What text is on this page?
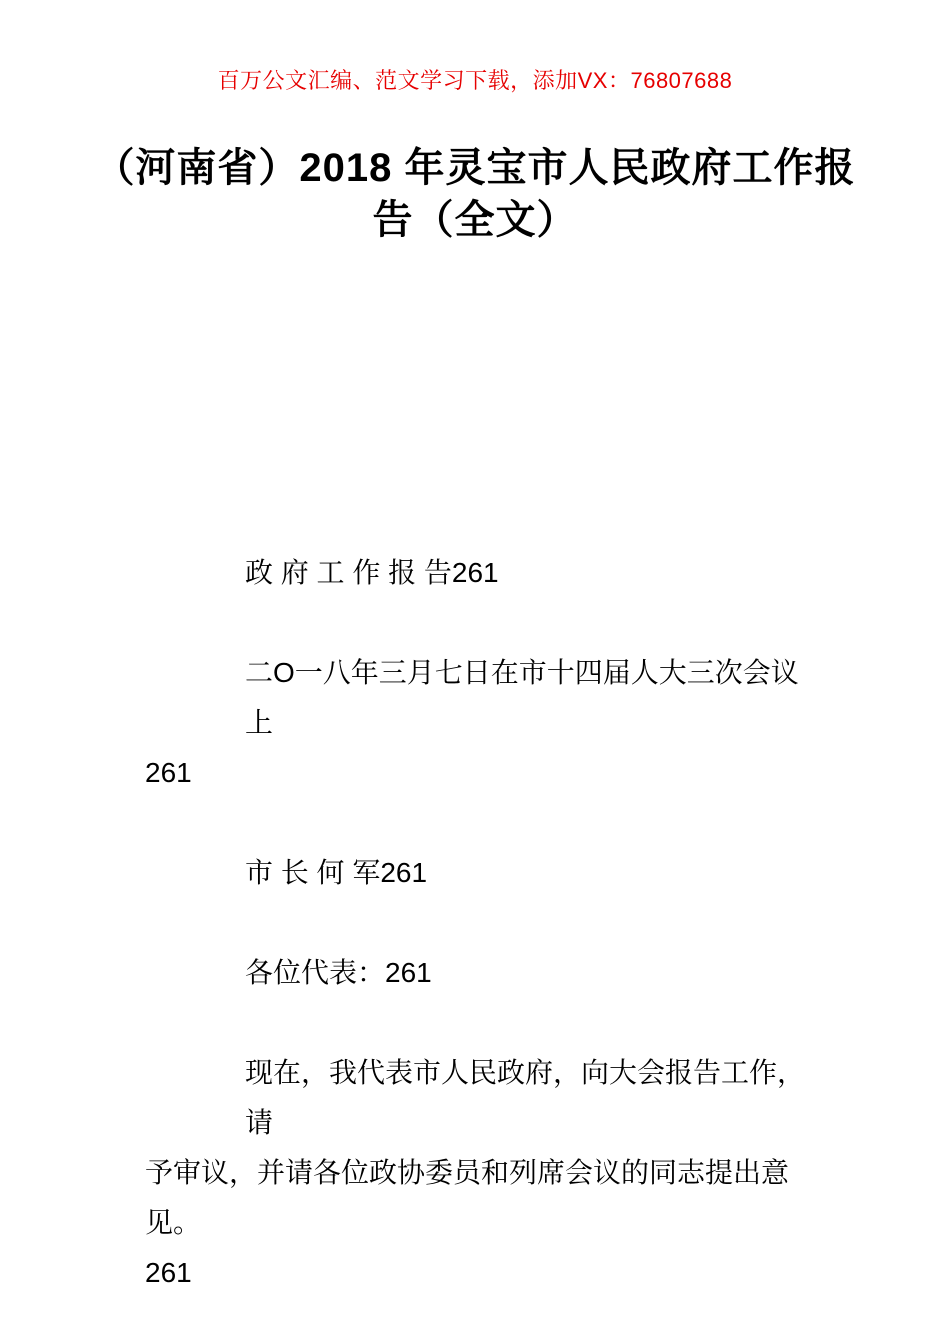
百万公文汇编、范文学习下载，添加VX：76807688
（河南省）2018 年灵宝市人民政府工作报
告（全文）
政 府 工 作 报 告261
二O一八年三月七日在市十四届人大三次会议上
261
市 长 何 军261
各位代表：261
现在，我代表市人民政府，向大会报告工作，请
予审议，并请各位政协委员和列席会议的同志提出意见。
261
